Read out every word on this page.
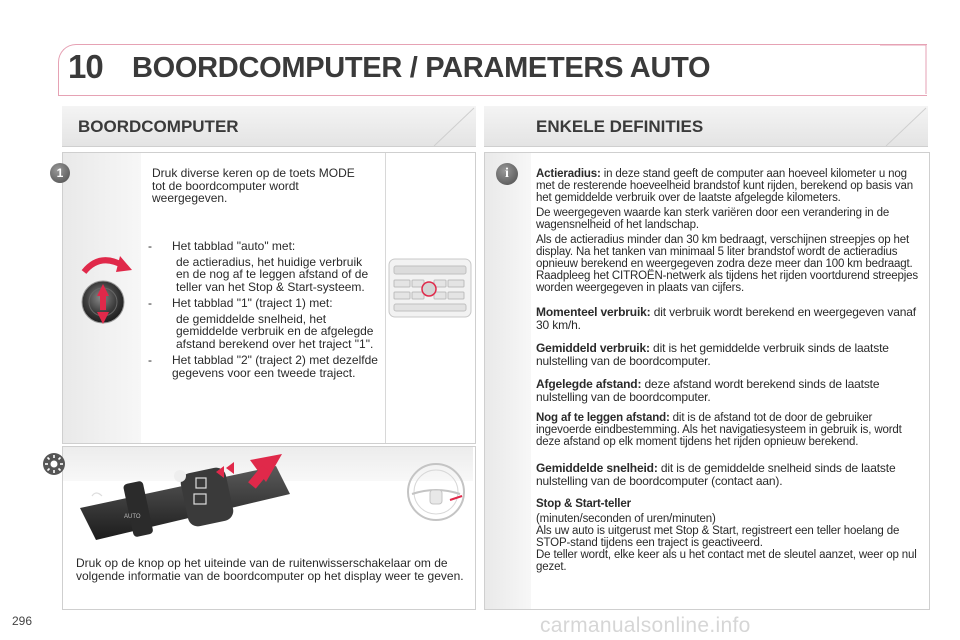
10 BOORDCOMPUTER / PARAMETERS AUTO
BOORDCOMPUTER	ENKELE DEFINITIES
1	Druk diverse keren op de toets MODE tot de boordcomputer wordt weergegeven.
- Het tabblad "auto" met:
de actieradius, het huidige verbruik en de nog af te leggen afstand of de teller van het Stop & Start-systeem.
- Het tabblad "1" (traject 1) met:
de gemiddelde snelheid, het gemiddelde verbruik en de afgelegde afstand berekend over het traject "1".
-	Het tabblad "2" (traject 2) met dezelfde gegevens voor een tweede traject.
AUTO
Druk op de knop op het uiteinde van de ruitenwisserschakelaar om de volgende informatie van de boordcomputer op het display weer te geven.
i	Actieradius: in deze stand geeft de computer aan hoeveel kilometer u nog met de resterende hoeveelheid brandstof kunt rijden, berekend op basis van het gemiddelde verbruik over de laatste afgelegde kilometers.
De weergegeven waarde kan sterk variëren door een verandering in de wagensnelheid of het landschap.
Als de actieradius minder dan 30 km bedraagt, verschijnen streepjes op het display. Na het tanken van minimaal 5 liter brandstof wordt de actieradius opnieuw berekend en weergegeven zodra deze meer dan 100 km bedraagt.
Raadpleeg het CITROËN-netwerk als tijdens het rijden voortdurend streepjes worden weergegeven in plaats van cijfers.
Momenteel verbruik: dit verbruik wordt berekend en weergegeven vanaf 30 km/h.
Gemiddeld verbruik: dit is het gemiddelde verbruik sinds de laatste nulstelling van de boordcomputer.
Afgelegde afstand: deze afstand wordt berekend sinds de laatste nulstelling van de boordcomputer.
Nog af te leggen afstand: dit is de afstand tot de door de gebruiker ingevoerde eindbestemming. Als het navigatiesysteem in gebruik is, wordt deze afstand op elk moment tijdens het rijden opnieuw berekend.
Gemiddelde snelheid: dit is de gemiddelde snelheid sinds de laatste nulstelling van de boordcomputer (contact aan).
Stop & Start-teller
(minuten/seconden of uren/minuten)
Als uw auto is uitgerust met Stop & Start, registreert een teller hoelang de STOP-stand tijdens een traject is geactiveerd.
De teller wordt, elke keer als u het contact met de sleutel aanzet, weer op nul gezet.
296	carmanualsonline.info
